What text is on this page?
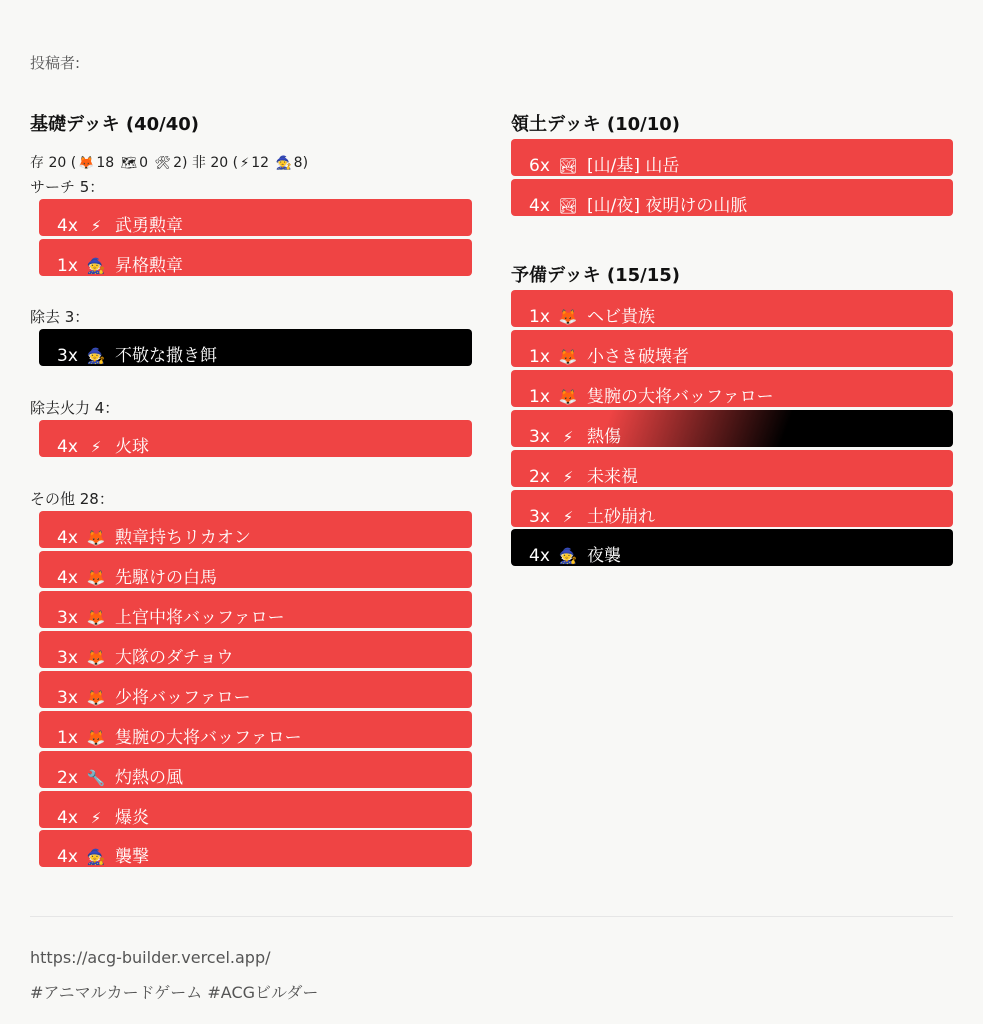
投稿者:
基礎デッキ (40/40)
存 20 ( 🦊 18 🗺 0 🛠 2) 非 20 ( ⚡ 12 🧙 8)
サーチ 5：
4x ⚡ 武勇勲章
1x 🧙 昇格勲章
除去 3：
3x 🧙 不敬な撒き餌
除去火力 4：
4x ⚡ 火球
その他 28：
4x 🦊 勲章持ちリカオン
4x 🦊 先駆けの白馬
3x 🦊 上官中将バッファロー
3x 🦊 大隊のダチョウ
3x 🦊 少将バッファロー
1x 🦊 隻腕の大将バッファロー
2x 🔧 灼熱の風
4x ⚡ 爆炎
4x 🧙 襲撃
領土デッキ (10/10)
6x 🏞 [山/基] 山岳
4x 🏞 [山/夜] 夜明けの山脈
予備デッキ (15/15)
1x 🦊 ヘビ貴族
1x 🦊 小さき破壊者
1x 🦊 隻腕の大将バッファロー
3x ⚡ 熱傷
2x ⚡ 未来視
3x ⚡ 土砂崩れ
4x 🧙 夜襲
https://acg-builder.vercel.app/
#アニマルカードゲーム #ACGビルダー
